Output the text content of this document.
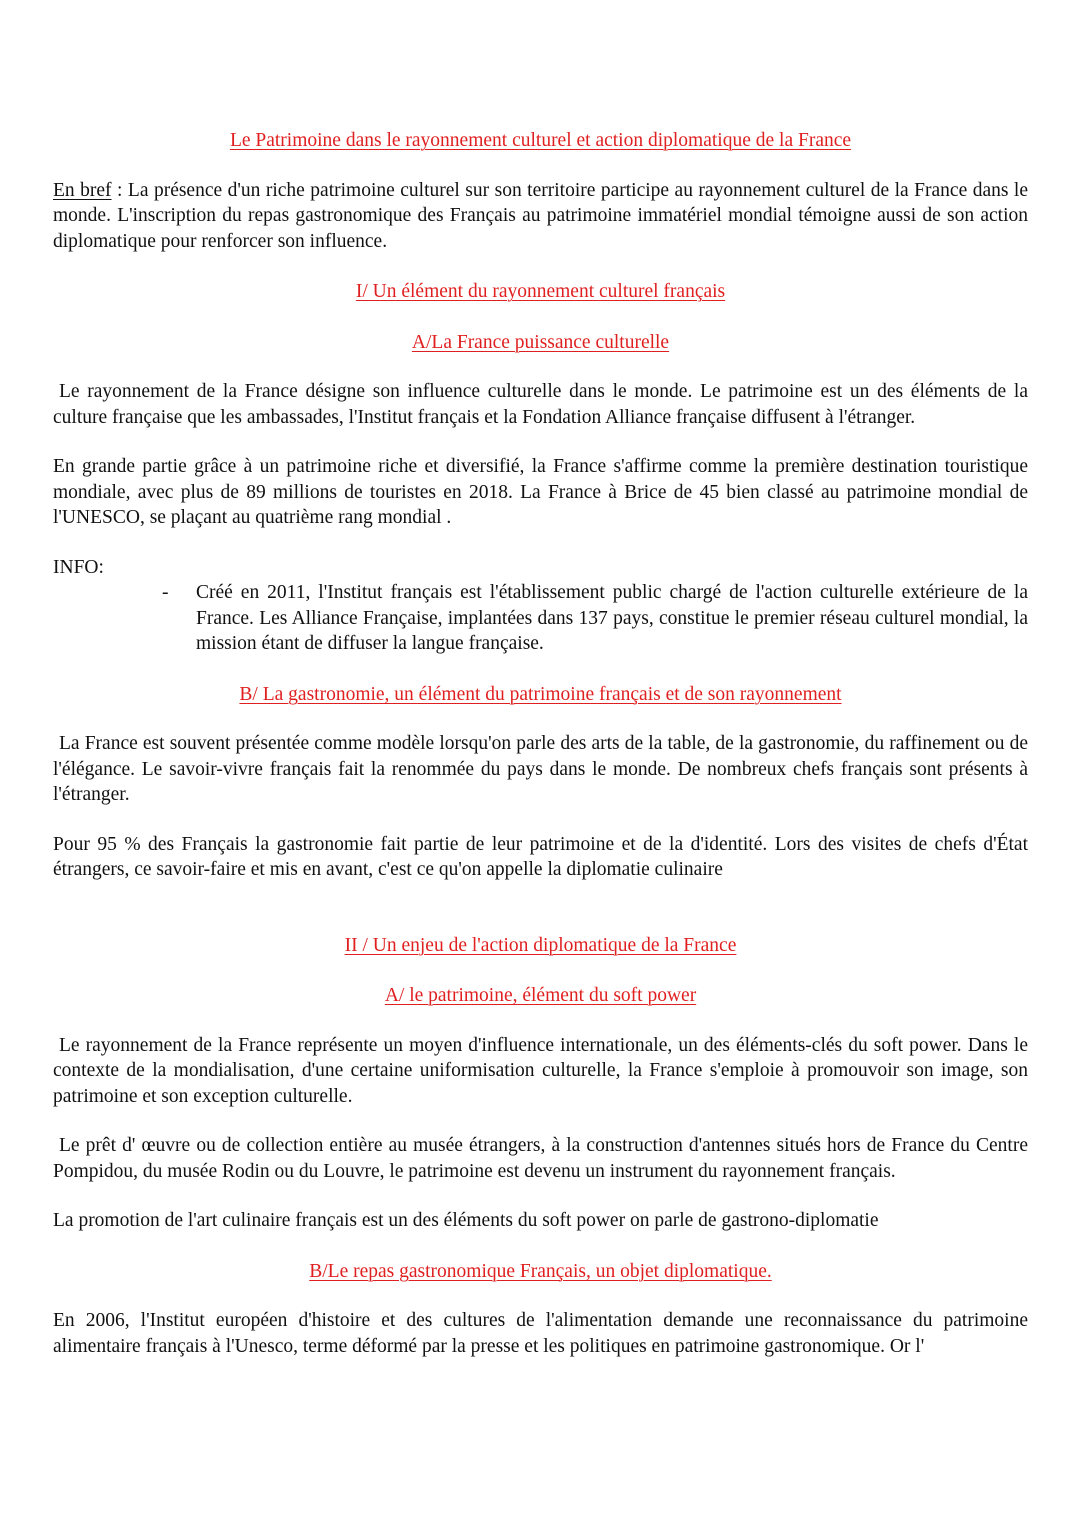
Le Patrimoine dans le rayonnement culturel et action diplomatique de la France

En bref : La présence d'un riche patrimoine culturel sur son territoire participe au rayonnement culturel de la France dans le monde. L'inscription du repas gastronomique des Français au patrimoine immatériel mondial témoigne aussi de son action diplomatique pour renforcer son influence.

I/ Un élément du rayonnement culturel français

A/La France puissance culturelle

Le rayonnement de la France désigne son influence culturelle dans le monde. Le patrimoine est un des éléments de la culture française que les ambassades, l'Institut français et la Fondation Alliance française diffusent à l'étranger.

En grande partie grâce à un patrimoine riche et diversifié, la France s'affirme comme la première destination touristique mondiale, avec plus de 89 millions de touristes en 2018. La France à Brice de 45 bien classé au patrimoine mondial de l'UNESCO, se plaçant au quatrième rang mondial .

INFO:

- Créé en 2011, l'Institut français est l'établissement public chargé de l'action culturelle extérieure de la France. Les Alliance Française, implantées dans 137 pays, constitue le premier réseau culturel mondial, la mission étant de diffuser la langue française.

B/ La gastronomie, un élément du patrimoine français et de son rayonnement

La France est souvent présentée comme modèle lorsqu'on parle des arts de la table, de la gastronomie, du raffinement ou de l'élégance. Le savoir-vivre français fait la renommée du pays dans le monde. De nombreux chefs français sont présents à l'étranger.

Pour 95 % des Français la gastronomie fait partie de leur patrimoine et de la d'identité. Lors des visites de chefs d'État étrangers, ce savoir-faire et mis en avant, c'est ce qu'on appelle la diplomatie culinaire

II / Un enjeu de l'action diplomatique de la France

A/ le patrimoine, élément du soft power

Le rayonnement de la France représente un moyen d'influence internationale, un des éléments-clés du soft power. Dans le contexte de la mondialisation, d'une certaine uniformisation culturelle, la France s'emploie à promouvoir son image, son patrimoine et son exception culturelle.

Le prêt d' œuvre ou de collection entière au musée étrangers, à la construction d'antennes situés hors de France du Centre Pompidou, du musée Rodin ou du Louvre, le patrimoine est devenu un instrument du rayonnement français.

La promotion de l'art culinaire français est un des éléments du soft power on parle de gastrono-diplomatie

B/Le repas gastronomique Français, un objet diplomatique.

En 2006, l'Institut européen d'histoire et des cultures de l'alimentation demande une reconnaissance du patrimoine alimentaire français à l'Unesco, terme déformé par la presse et les politiques en patrimoine gastronomique. Or l'
